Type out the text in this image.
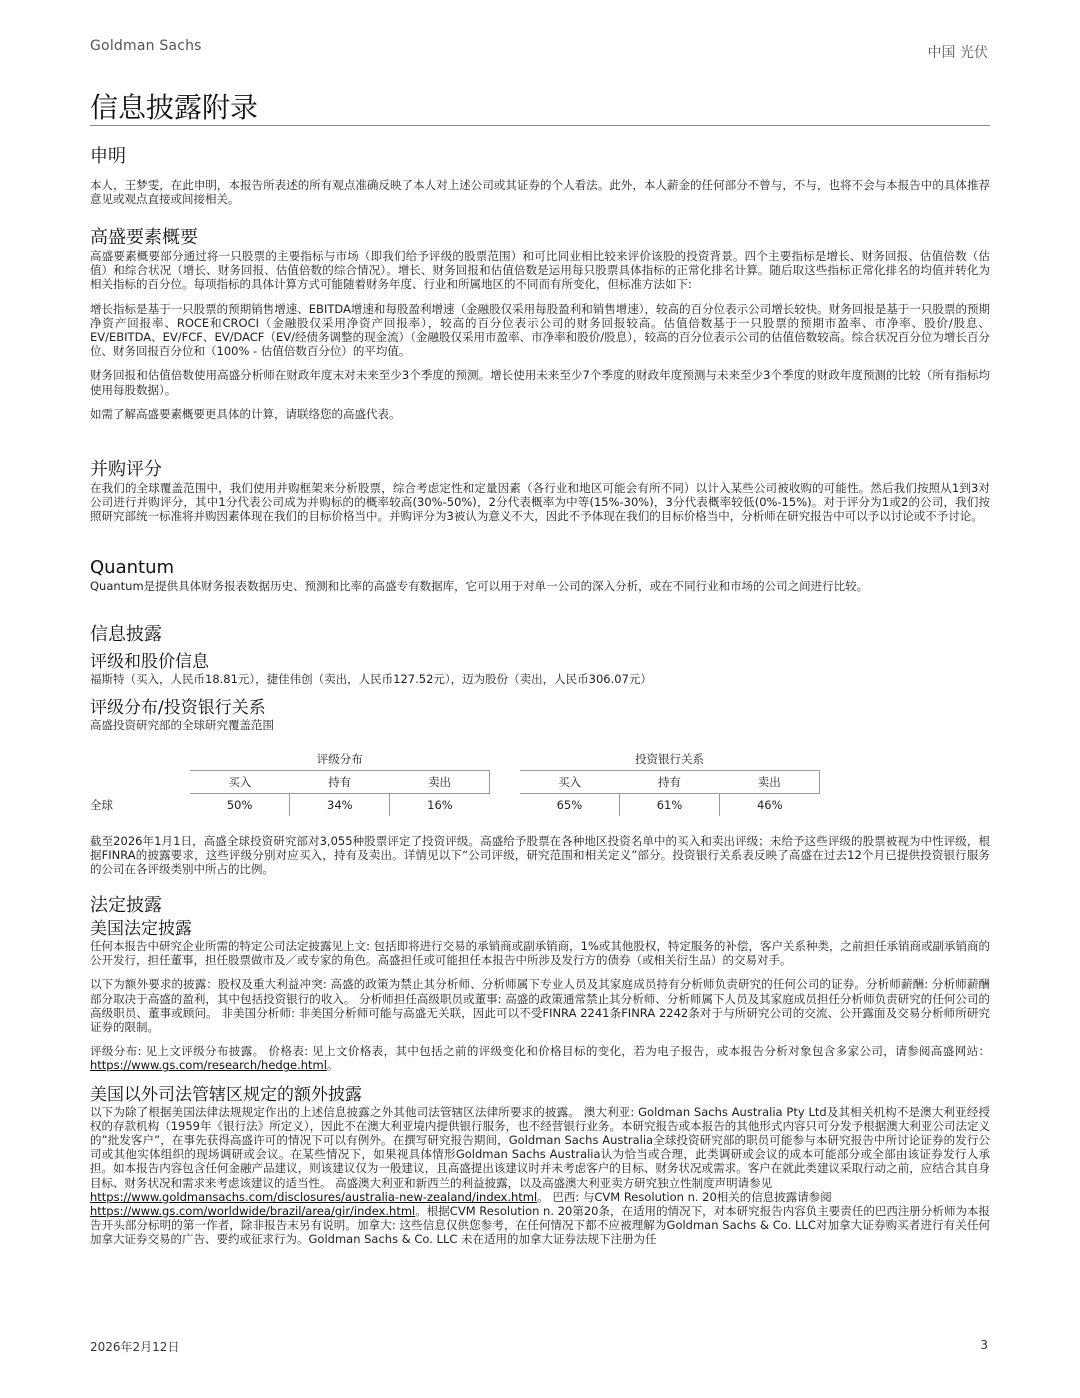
Goldman Sachs	中国 光伏
信息披露附录
申明

本人，王梦雯，在此申明，本报告所表述的所有观点准确反映了本人对上述公司或其证券的个人看法。此外，本人薪金的任何部分不曾与，不与，也将不会与本报告中的具体推荐意见或观点直接或间接相关。

高盛要素概要

高盛要素概要部分通过将一只股票的主要指标与市场（即我们给予评级的股票范围）和可比同业相比较来评价该股的投资背景。四个主要指标是增长、财务回报、估值倍数（估值）和综合状况（增长、财务回报、估值倍数的综合情况）。增长、财务回报和估值倍数是运用每只股票具体指标的正常化排名计算。随后取这些指标正常化排名的均值并转化为相关指标的百分位。每项指标的具体计算方式可能随着财务年度、行业和所属地区的不同而有所变化，但标准方法如下:

增长指标是基于一只股票的预期销售增速、EBITDA增速和每股盈利增速（金融股仅采用每股盈利和销售增速），较高的百分位表示公司增长较快。财务回报是基于一只股票的预期净资产回报率、ROCE和CROCI（金融股仅采用净资产回报率），较高的百分位表示公司的财务回报较高。估值倍数基于一只股票的预期市盈率、市净率、股价/股息、EV/EBITDA、EV/FCF、EV/DACF（EV/经债务调整的现金流）（金融股仅采用市盈率、市净率和股价/股息），较高的百分位表示公司的估值倍数较高。综合状况百分位为增长百分位、财务回报百分位和（100% - 估值倍数百分位）的平均值。

财务回报和估值倍数使用高盛分析师在财政年度末对未来至少3个季度的预测。增长使用未来至少7个季度的财政年度预测与未来至少3个季度的财政年度预测的比较（所有指标均使用每股数据）。

如需了解高盛要素概要更具体的计算，请联络您的高盛代表。

并购评分

在我们的全球覆盖范围中，我们使用并购框架来分析股票，综合考虑定性和定量因素（各行业和地区可能会有所不同）以计入某些公司被收购的可能性。然后我们按照从1到3对公司进行并购评分，其中1分代表公司成为并购标的的概率较高(30%-50%)，2分代表概率为中等(15%-30%)，3分代表概率较低(0%-15%)。对于评分为1或2的公司，我们按照研究部统一标准将并购因素体现在我们的目标价格当中。并购评分为3被认为意义不大，因此不予体现在我们的目标价格当中，分析师在研究报告中可以予以讨论或不予讨论。

Quantum

Quantum是提供具体财务报表数据历史、预测和比率的高盛专有数据库，它可以用于对单一公司的深入分析，或在不同行业和市场的公司之间进行比较。

信息披露
评级和股价信息

福斯特（买入，人民币18.81元），捷佳伟创（卖出，人民币127.52元），迈为股份（卖出，人民币306.07元）

评级分布/投资银行关系

高盛投资研究部的全球研究覆盖范围

	评级分布				投资银行关系		
	买入	持有	卖出		买入	持有	卖出
全球	50%	34%	16%		65%	61%	46%

截至2026年1月1日，高盛全球投资研究部对3,055种股票评定了投资评级。高盛给予股票在各种地区投资名单中的买入和卖出评级；未给予这些评级的股票被视为中性评级，根据FINRA的披露要求，这些评级分别对应买入，持有及卖出。详情见以下“公司评级，研究范围和相关定义”部分。投资银行关系表反映了高盛在过去12个月已提供投资银行服务的公司在各评级类别中所占的比例。

法定披露
美国法定披露

任何本报告中研究企业所需的特定公司法定披露见上文: 包括即将进行交易的承销商或副承销商，1%或其他股权，特定服务的补偿，客户关系种类，之前担任承销商或副承销商的公开发行，担任董事，担任股票做市及／或专家的角色。高盛担任或可能担任本报告中所涉及发行方的债券（或相关衍生品）的交易对手。

以下为额外要求的披露：股权及重大利益冲突: 高盛的政策为禁止其分析师、分析师属下专业人员及其家庭成员持有分析师负责研究的任何公司的证券。分析师薪酬: 分析师薪酬部分取决于高盛的盈利，其中包括投资银行的收入。 分析师担任高级职员或董事: 高盛的政策通常禁止其分析师、分析师属下人员及其家庭成员担任分析师负责研究的任何公司的高级职员、董事或顾问。 非美国分析师: 非美国分析师可能与高盛无关联，因此可以不受FINRA 2241条FINRA 2242条对于与所研究公司的交流、公开露面及交易分析师所研究证券的限制。

评级分布: 见上文评级分布披露。 价格表: 见上文价格表，其中包括之前的评级变化和价格目标的变化，若为电子报告，或本报告分析对象包含多家公司，请参阅高盛网站：https://www.gs.com/research/hedge.html。

美国以外司法管辖区规定的额外披露

以下为除了根据美国法律法规规定作出的上述信息披露之外其他司法管辖区法律所要求的披露。 澳大利亚: Goldman Sachs Australia Pty Ltd及其相关机构不是澳大利亚经授权的存款机构（1959年《银行法》所定义），因此不在澳大利亚境内提供银行服务，也不经营银行业务。本研究报告或本报告的其他形式内容只可分发予根据澳大利亚公司法定义的”批发客户”，在事先获得高盛许可的情况下可以有例外。在撰写研究报告期间，Goldman Sachs Australia全球投资研究部的职员可能参与本研究报告中所讨论证券的发行公司或其他实体组织的现场调研或会议。在某些情况下，如果视具体情形Goldman Sachs Australia认为恰当或合理，此类调研或会议的成本可能部分或全部由该证券发行人承担。如本报告内容包含任何金融产品建议，则该建议仅为一般建议，且高盛提出该建议时并未考虑客户的目标、财务状况或需求。客户在就此类建议采取行动之前，应结合其自身目标、财务状况和需求来考虑该建议的适当性。 高盛澳大利亚和新西兰的利益披露，以及高盛澳大利亚卖方研究独立性制度声明请参见
https://www.goldmansachs.com/disclosures/australia-new-zealand/index.html。 巴西: 与CVM Resolution n. 20相关的信息披露请参阅
https://www.gs.com/worldwide/brazil/area/gir/index.html。根据CVM Resolution n. 20第20条，在适用的情况下，对本研究报告内容负主要责任的巴西注册分析师为本报告开头部分标明的第一作者，除非报告末另有说明。加拿大: 这些信息仅供您参考，在任何情况下都不应被理解为Goldman Sachs & Co. LLC对加拿大证券购买者进行有关任何加拿大证券交易的广告、要约或征求行为。Goldman Sachs & Co. LLC 未在适用的加拿大证券法规下注册为任

2026年2月12日	3
